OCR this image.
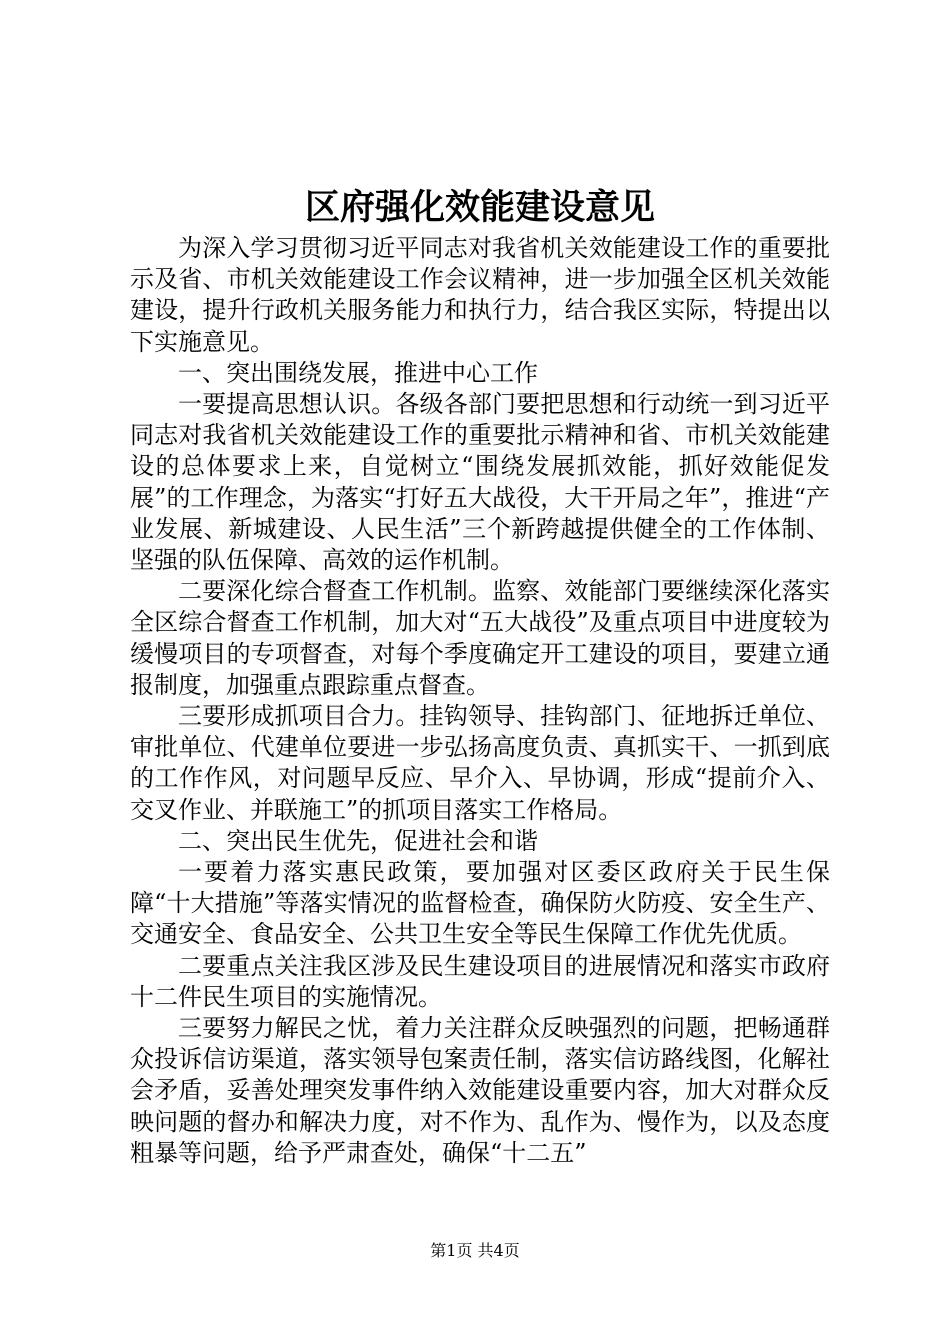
区府强化效能建设意见

为深入学习贯彻习近平同志对我省机关效能建设工作的重要批示及省、市机关效能建设工作会议精神，进一步加强全区机关效能建设，提升行政机关服务能力和执行力，结合我区实际，特提出以下实施意见。

一、突出围绕发展，推进中心工作

一要提高思想认识。各级各部门要把思想和行动统一到习近平同志对我省机关效能建设工作的重要批示精神和省、市机关效能建设的总体要求上来，自觉树立“围绕发展抓效能，抓好效能促发展”的工作理念，为落实“打好五大战役，大干开局之年”，推进“产业发展、新城建设、人民生活”三个新跨越提供健全的工作体制、坚强的队伍保障、高效的运作机制。

二要深化综合督查工作机制。监察、效能部门要继续深化落实全区综合督查工作机制，加大对“五大战役”及重点项目中进度较为缓慢项目的专项督查，对每个季度确定开工建设的项目，要建立通报制度，加强重点跟踪重点督查。

三要形成抓项目合力。挂钩领导、挂钩部门、征地拆迁单位、审批单位、代建单位要进一步弘扬高度负责、真抓实干、一抓到底的工作作风，对问题早反应、早介入、早协调，形成“提前介入、交叉作业、并联施工”的抓项目落实工作格局。

二、突出民生优先，促进社会和谐

一要着力落实惠民政策，要加强对区委区政府关于民生保障“十大措施”等落实情况的监督检查，确保防火防疫、安全生产、交通安全、食品安全、公共卫生安全等民生保障工作优先优质。

二要重点关注我区涉及民生建设项目的进展情况和落实市政府十二件民生项目的实施情况。

三要努力解民之忧，着力关注群众反映强烈的问题，把畅通群众投诉信访渠道，落实领导包案责任制，落实信访路线图，化解社会矛盾，妥善处理突发事件纳入效能建设重要内容，加大对群众反映问题的督办和解决力度，对不作为、乱作为、慢作为，以及态度粗暴等问题，给予严肃查处，确保“十二五”

第1页 共4页
